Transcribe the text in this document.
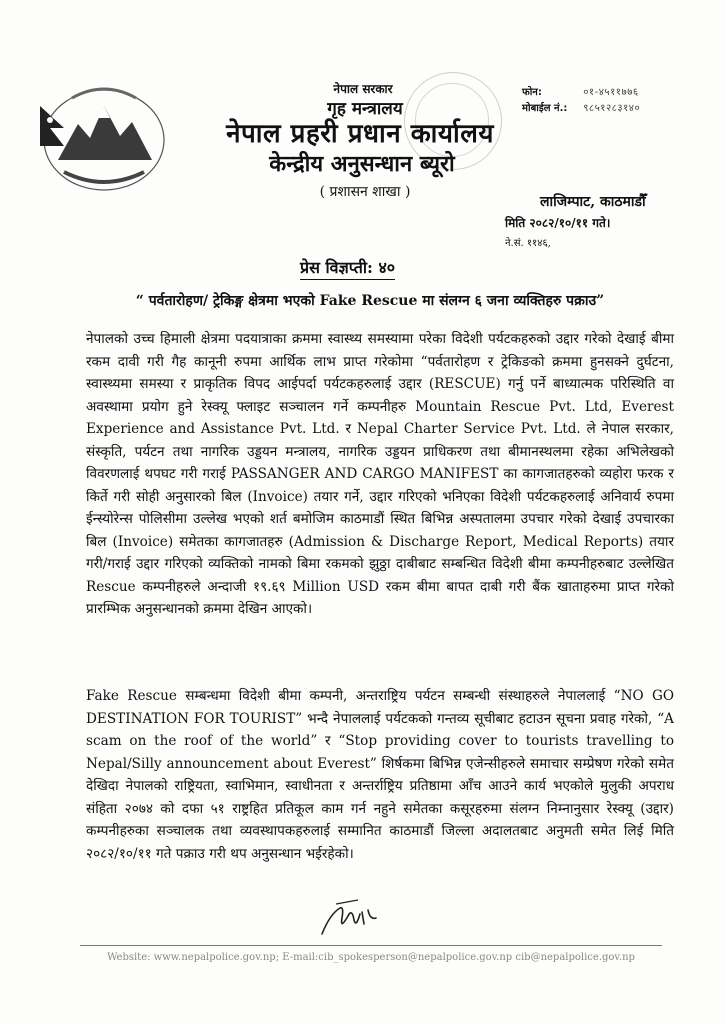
नेपाल सरकार
गृह मन्त्रालय
नेपाल प्रहरी प्रधान कार्यालय
केन्द्रीय अनुसन्धान ब्यूरो
( प्रशासन शाखा )
फोन:	०१-४५११७७६
मोबाईल नं.: ९८५१२८३१४०
लाजिम्पाट, काठमाडौँ
मिति २०८२/१०/११ गते।
ने.सं. ११४६,
प्रेस विज्ञप्ती: ४०
“ पर्वतारोहण/ ट्रेकिङ्ग क्षेत्रमा भएको Fake Rescue मा संलग्न ६ जना व्यक्तिहरु पक्राउ”
नेपालको उच्च हिमाली क्षेत्रमा पदयात्राका क्रममा स्वास्थ्य समस्यामा परेका विदेशी पर्यटकहरुको उद्दार गरेको देखाई बीमा रकम दावी गरी गैह कानूनी रुपमा आर्थिक लाभ प्राप्त गरेकोमा “पर्वतारोहण र ट्रेकिङको क्रममा हुनसक्ने दुर्घटना, स्वास्थ्यमा समस्या र प्राकृतिक विपद आईपर्दा पर्यटकहरुलाई उद्दार (RESCUE) गर्नु पर्ने बाध्यात्मक परिस्थिति वा अवस्थामा प्रयोग हुने रेस्क्यू फ्लाइट सञ्चालन गर्ने कम्पनीहरु Mountain Rescue Pvt. Ltd, Everest Experience and Assistance Pvt. Ltd. र Nepal Charter Service Pvt. Ltd. ले नेपाल सरकार, संस्कृति, पर्यटन तथा नागरिक उड्डयन मन्त्रालय, नागरिक उड्डयन प्राधिकरण तथा बीमानस्थलमा रहेका अभिलेखको विवरणलाई थपघट गरी गराई PASSANGER AND CARGO MANIFEST का कागजातहरुको व्यहोरा फरक र किर्ते गरी सोही अनुसारको बिल (Invoice) तयार गर्ने, उद्दार गरिएको भनिएका विदेशी पर्यटकहरुलाई अनिवार्य रुपमा ईन्स्योरेन्स पोलिसीमा उल्लेख भएको शर्त बमोजिम काठमाडौं स्थित बिभिन्न अस्पतालमा उपचार गरेको देखाई उपचारका बिल (Invoice) समेतका कागजातहरु (Admission & Discharge Report, Medical Reports) तयार गरी/गराई उद्दार गरिएको व्यक्तिको नामको बिमा रकमको झुठ्ठा दाबीबाट सम्बन्धित विदेशी बीमा कम्पनीहरुबाट उल्लेखित Rescue कम्पनीहरुले अन्दाजी १९.६९ Million USD रकम बीमा बापत दाबी गरी बैंक खाताहरुमा प्राप्त गरेको प्रारम्भिक अनुसन्धानको क्रममा देखिन आएको।
Fake Rescue सम्बन्धमा विदेशी बीमा कम्पनी, अन्तराष्ट्रिय पर्यटन सम्बन्धी संस्थाहरुले नेपाललाई “NO GO DESTINATION FOR TOURIST” भन्दै नेपाललाई पर्यटकको गन्तव्य सूचीबाट हटाउन सूचना प्रवाह गरेको, “A scam on the roof of the world” र “Stop providing cover to tourists travelling to Nepal/Silly announcement about Everest” शिर्षकमा बिभिन्न एजेन्सीहरुले समाचार सम्प्रेषण गरेको समेत देखिदा नेपालको राष्ट्रियता, स्वाभिमान, स्वाधीनता र अन्तर्राष्ट्रिय प्रतिष्ठामा आँच आउने कार्य भएकोले मुलुकी अपराध संहिता २०७४ को दफा ५१ राष्ट्रहित प्रतिकूल काम गर्न नहुने समेतका कसूरहरुमा संलग्न निम्नानुसार रेस्क्यू (उद्दार) कम्पनीहरुका सञ्चालक तथा व्यवस्थापकहरुलाई सम्मानित काठमाडौं जिल्ला अदालतबाट अनुमती समेत लिई मिति २०८२/१०/११ गते पक्राउ गरी थप अनुसन्धान भईरहेको।
Website: www.nepalpolice.gov.np; E-mail:cib_spokesperson@nepalpolice.gov.np cib@nepalpolice.gov.np
